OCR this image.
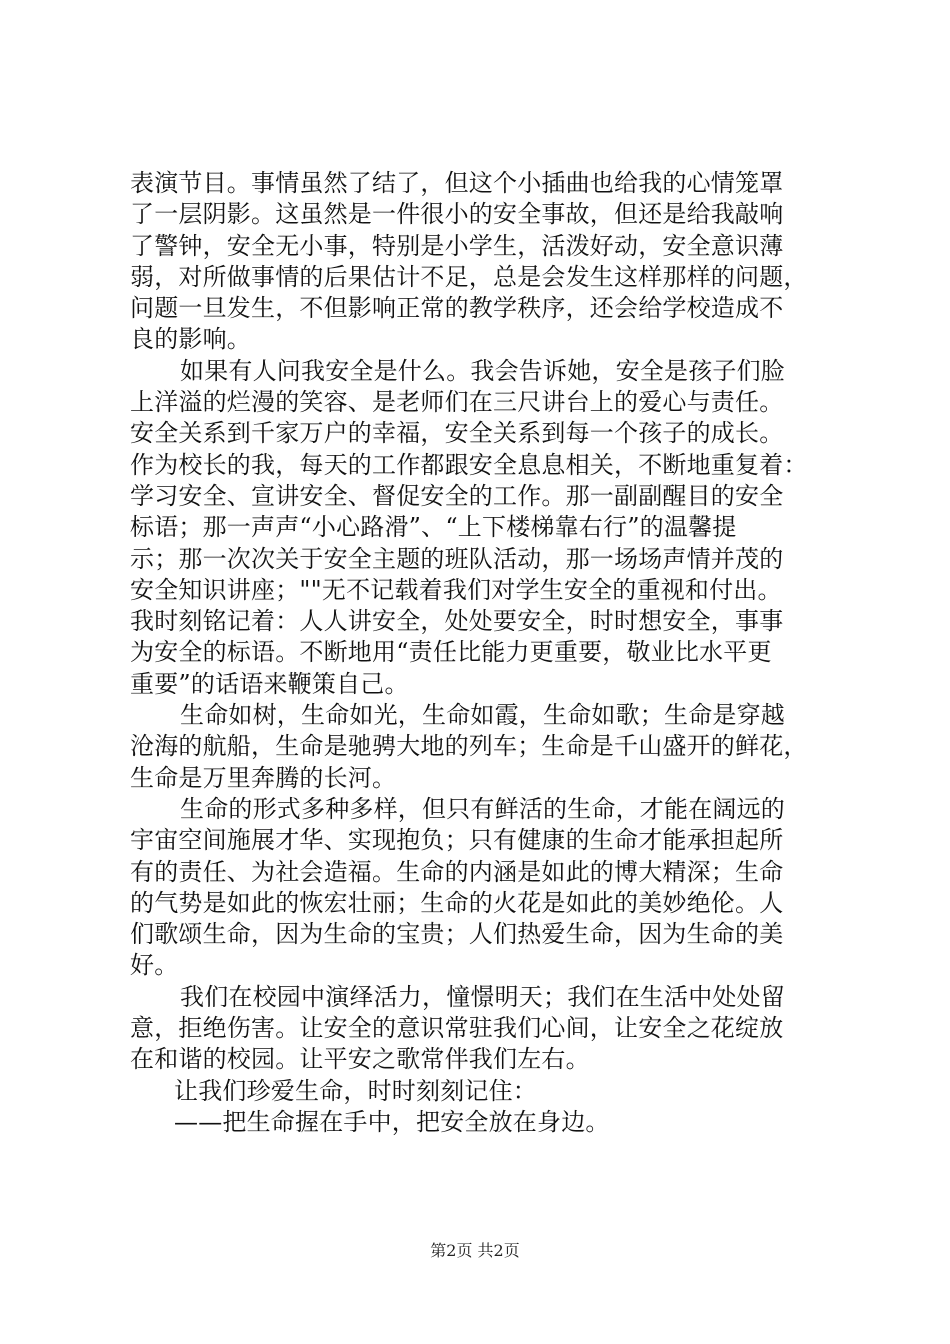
表演节目。事情虽然了结了，但这个小插曲也给我的心情笼罩
了一层阴影。这虽然是一件很小的安全事故，但还是给我敲响
了警钟，安全无小事，特别是小学生，活泼好动，安全意识薄
弱，对所做事情的后果估计不足，总是会发生这样那样的问题，
问题一旦发生，不但影响正常的教学秩序，还会给学校造成不
良的影响。
如果有人问我安全是什么。我会告诉她，安全是孩子们脸
上洋溢的烂漫的笑容、是老师们在三尺讲台上的爱心与责任。
安全关系到千家万户的幸福，安全关系到每一个孩子的成长。
作为校长的我，每天的工作都跟安全息息相关，不断地重复着：
学习安全、宣讲安全、督促安全的工作。那一副副醒目的安全
标语；那一声声“小心路滑”、“上下楼梯靠右行”的温馨提
示；那一次次关于安全主题的班队活动，那一场场声情并茂的
安全知识讲座；""无不记载着我们对学生安全的重视和付出。
我时刻铭记着：人人讲安全，处处要安全，时时想安全，事事
为安全的标语。不断地用“责任比能力更重要，敬业比水平更
重要”的话语来鞭策自己。
生命如树，生命如光，生命如霞，生命如歌；生命是穿越
沧海的航船，生命是驰骋大地的列车；生命是千山盛开的鲜花，
生命是万里奔腾的长河。
生命的形式多种多样，但只有鲜活的生命，才能在阔远的
宇宙空间施展才华、实现抱负；只有健康的生命才能承担起所
有的责任、为社会造福。生命的内涵是如此的博大精深；生命
的气势是如此的恢宏壮丽；生命的火花是如此的美妙绝伦。人
们歌颂生命，因为生命的宝贵；人们热爱生命，因为生命的美
好。
我们在校园中演绎活力，憧憬明天；我们在生活中处处留
意，拒绝伤害。让安全的意识常驻我们心间，让安全之花绽放
在和谐的校园。让平安之歌常伴我们左右。
让我们珍爱生命，时时刻刻记住：
——把生命握在手中，把安全放在身边。
第2页 共2页
